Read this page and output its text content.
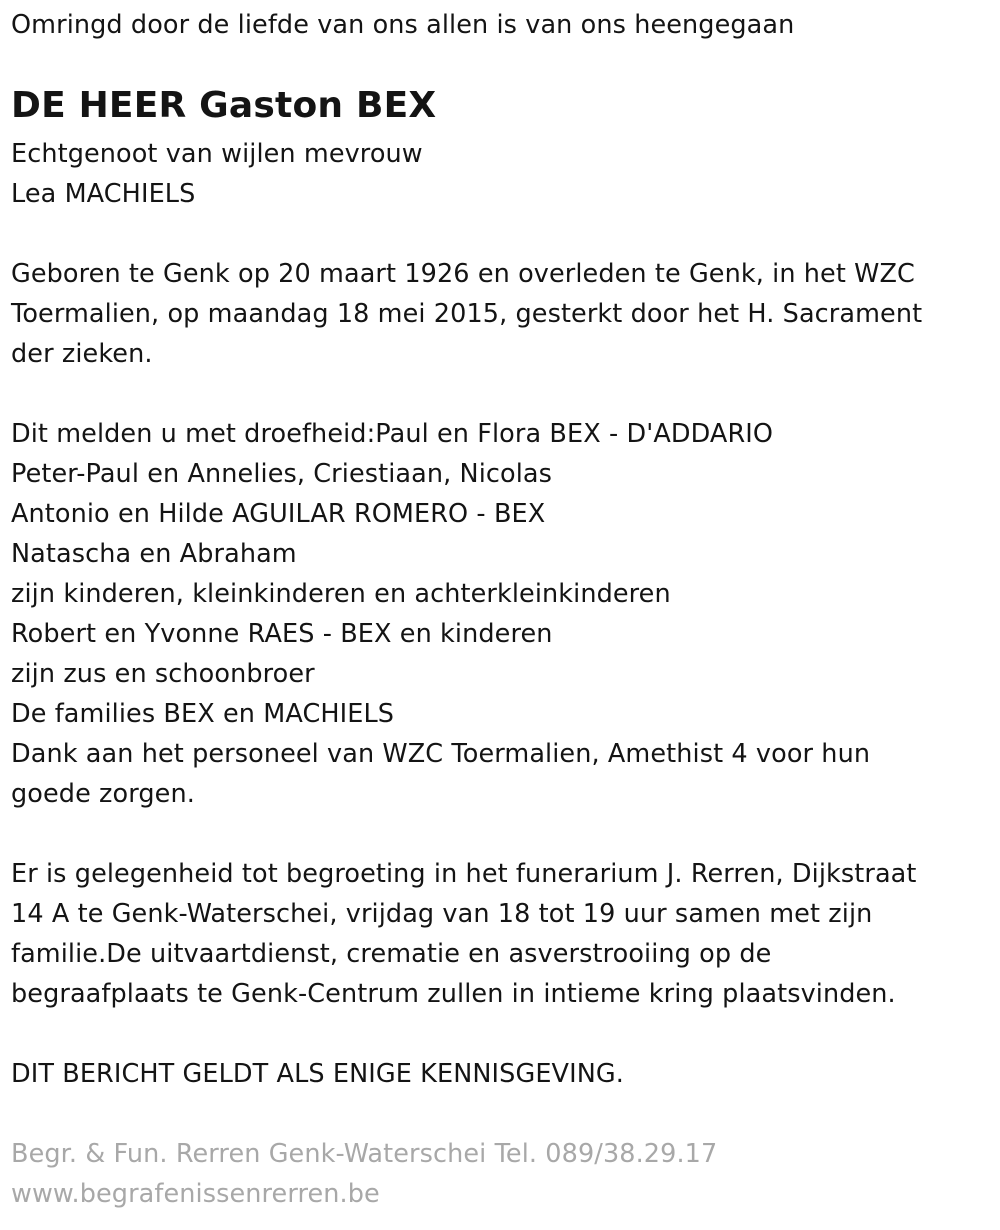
Omringd door de liefde van ons allen is van ons heengegaan
DE HEER Gaston BEX
Echtgenoot van wijlen mevrouw
Lea MACHIELS
Geboren te Genk op 20 maart 1926 en overleden te Genk, in het WZC
Toermalien, op maandag 18 mei 2015, gesterkt door het H. Sacrament
der zieken.
Dit melden u met droefheid:Paul en Flora BEX - D'ADDARIO
Peter-Paul en Annelies, Criestiaan, Nicolas
Antonio en Hilde AGUILAR ROMERO - BEX
Natascha en Abraham
zijn kinderen, kleinkinderen en achterkleinkinderen
Robert en Yvonne RAES - BEX en kinderen
zijn zus en schoonbroer
De families BEX en MACHIELS
Dank aan het personeel van WZC Toermalien, Amethist 4 voor hun
goede zorgen.
Er is gelegenheid tot begroeting in het funerarium J. Rerren, Dijkstraat
14 A te Genk-Waterschei, vrijdag van 18 tot 19 uur samen met zijn
familie.De uitvaartdienst, crematie en asverstrooiing op de
begraafplaats te Genk-Centrum zullen in intieme kring plaatsvinden.
DIT BERICHT GELDT ALS ENIGE KENNISGEVING.
Begr. & Fun. Rerren Genk-Waterschei Tel. 089/38.29.17
www.begrafenissenrerren.be
